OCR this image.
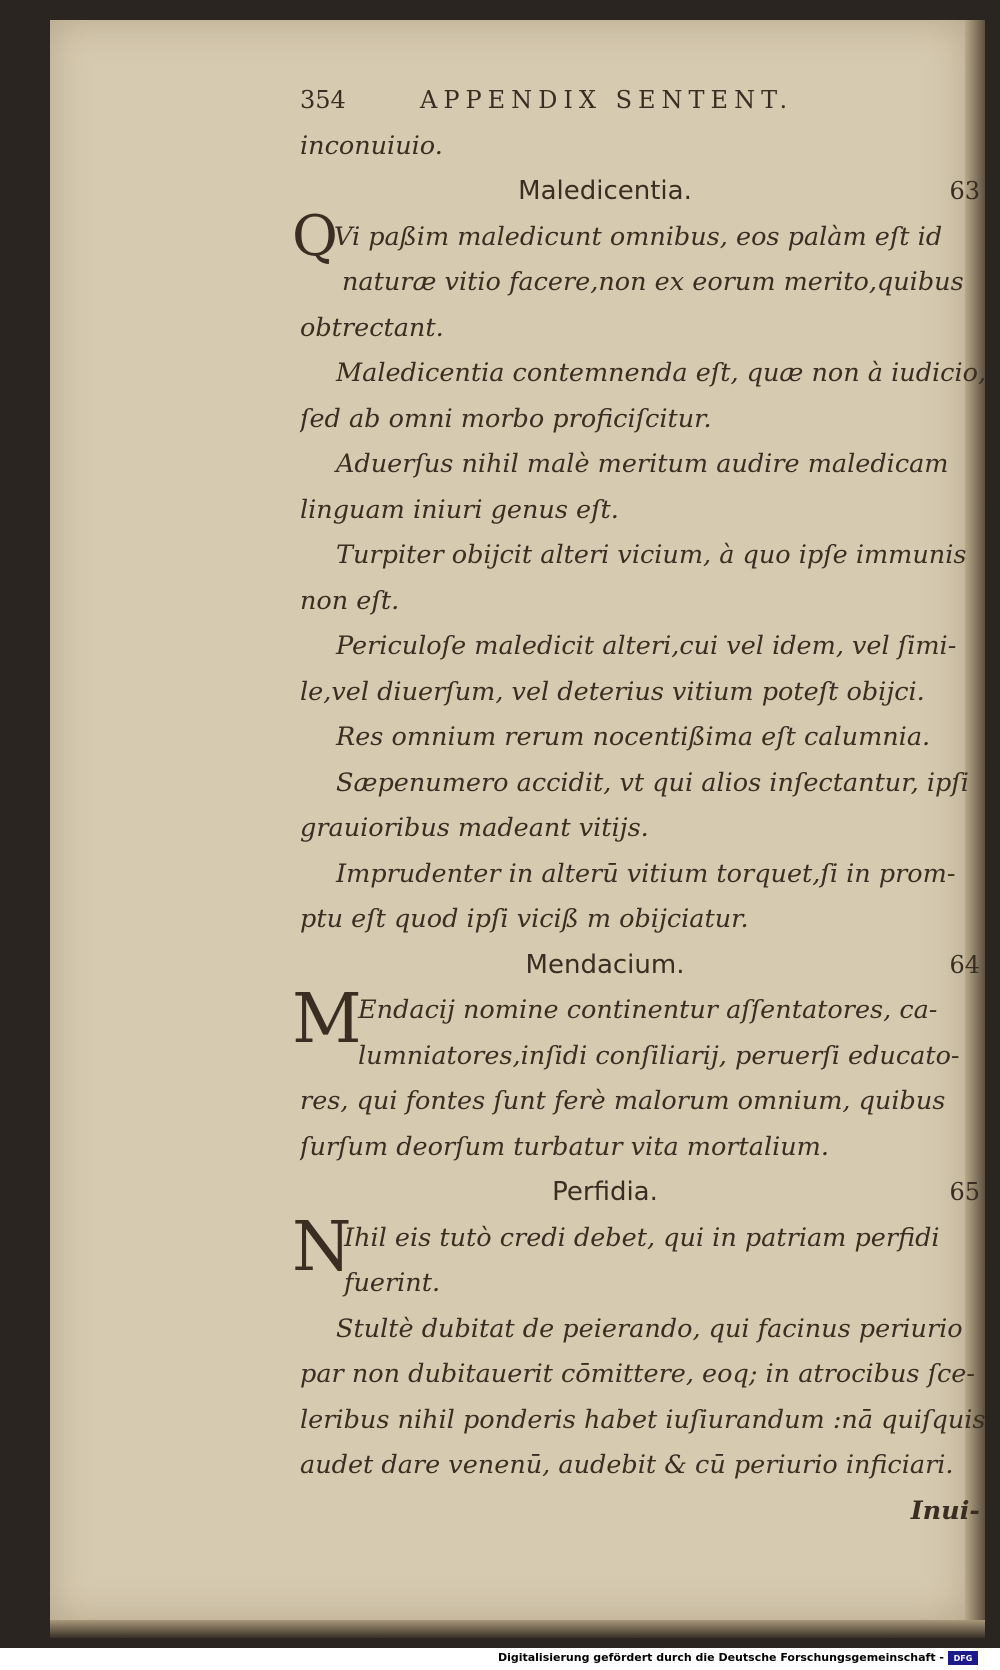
354	APPENDIX SENTENT.
inconuiuio.
Maledicentia.	63
Q
Vi paßim maledicunt omnibus, eos palàm eſt id
naturæ vitio facere,non ex eorum merito,quibus
obtrectant.
Maledicentia contemnenda eſt, quæ non à iudicio,
ſed ab omni morbo proficiſcitur.
Aduerſus nihil malè meritum audire maledicam
linguam iniuri genus eſt.
Turpiter obijcit alteri vicium, à quo ipſe immunis
non eſt.
Periculoſe maledicit alteri,cui vel idem, vel ſimi-
le,vel diuerſum, vel deterius vitium poteſt obijci.
Res omnium rerum nocentißima eſt calumnia.
Sæpenumero accidit, vt qui alios inſectantur, ipſi
grauioribus madeant vitijs.
Imprudenter in alterū vitium torquet,ſi in prom-
ptu eſt quod ipſi viciß m obijciatur.
Mendacium.	64
M
Endacij nomine continentur aſſentatores, ca-
lumniatores,inſidi conſiliarij, peruerſi educato-
res, qui fontes ſunt ferè malorum omnium, quibus
ſurſum deorſum turbatur vita mortalium.
Perfidia.	65
N
Ihil eis tutò credi debet, qui in patriam perfidi
fuerint.
Stultè dubitat de peierando, qui facinus periurio
par non dubitauerit cōmittere, eoq; in atrocibus ſce-
leribus nihil ponderis habet iuſiurandum :nā quiſquis
audet dare venenū, audebit & cū periurio inficiari.
Inui-
Digitalisierung gefördert durch die Deutsche Forschungsgemeinschaft -	DFG
